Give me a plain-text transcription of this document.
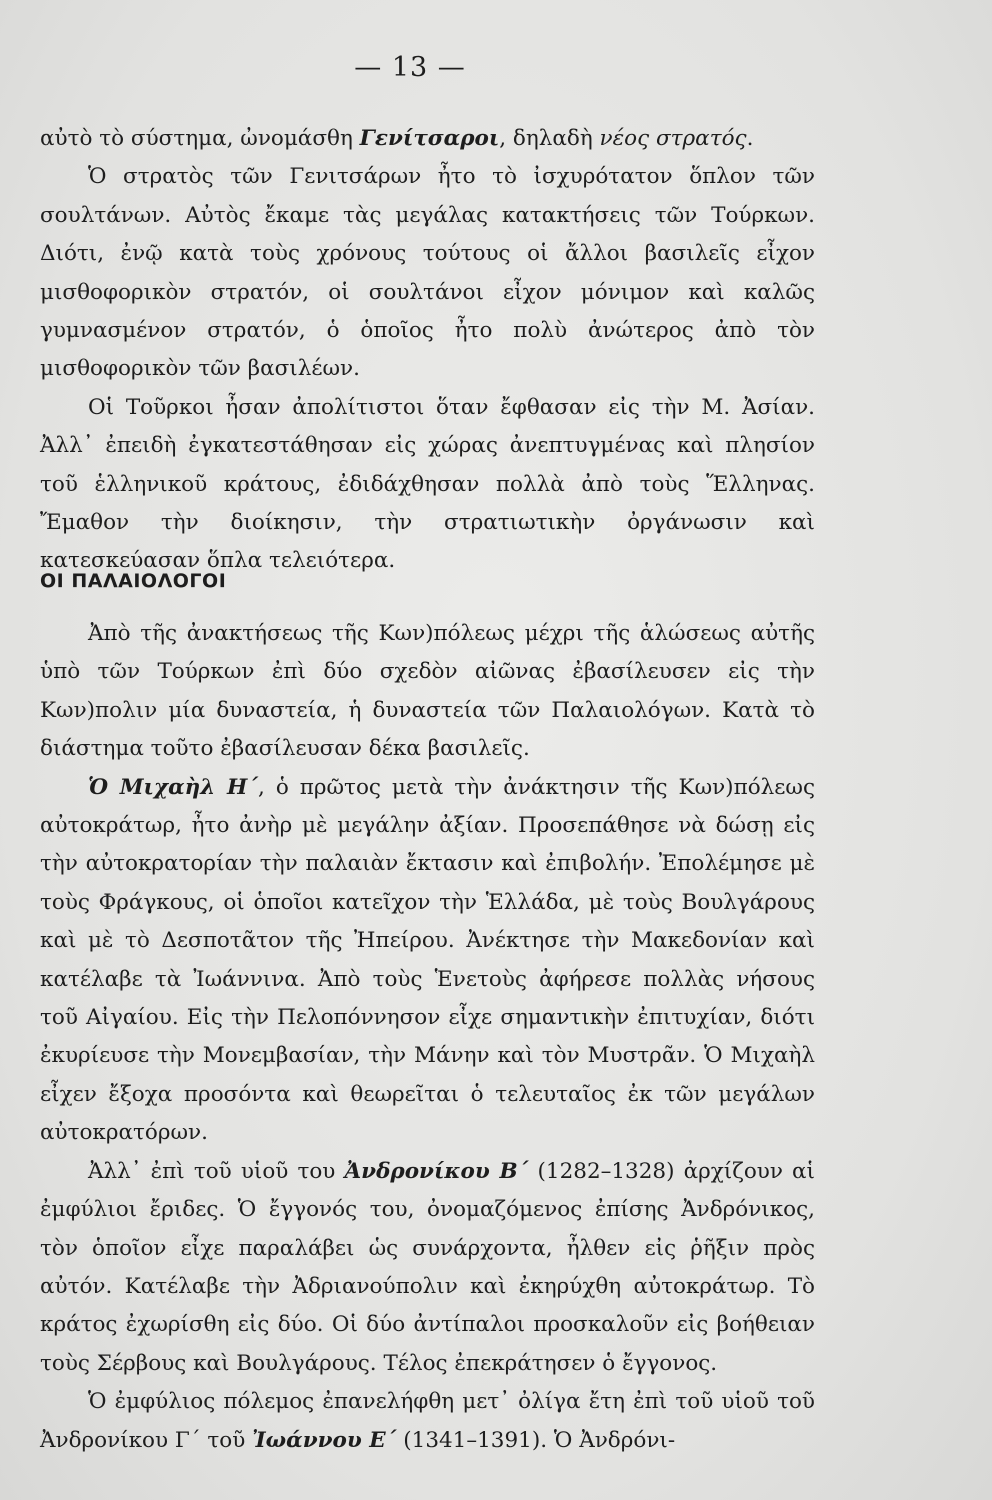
— 13 —

αὐτὸ τὸ σύστημα, ὠνομάσθη Γενίτσαροι, δηλαδὴ νέος στρατός.

Ὁ στρατὸς τῶν Γενιτσάρων ἦτο τὸ ἰσχυρότατον ὅπλον τῶν σουλτάνων. Αὐτὸς ἔκαμε τὰς μεγάλας κατακτήσεις τῶν Τούρκων. Διότι, ἐνῷ κατὰ τοὺς χρόνους τούτους οἱ ἄλλοι βασιλεῖς εἶχον μισθοφορικὸν στρατόν, οἱ σουλτάνοι εἶχον μόνιμον καὶ καλῶς γυμνασμένον στρατόν, ὁ ὁποῖος ἦτο πολὺ ἀνώτερος ἀπὸ τὸν μισθοφορικὸν τῶν βασιλέων.

Οἱ Τοῦρκοι ἦσαν ἀπολίτιστοι ὅταν ἔφθασαν εἰς τὴν Μ. Ἀσίαν. Ἀλλ᾿ ἐπειδὴ ἐγκατεστάθησαν εἰς χώρας ἀνεπτυγμένας καὶ πλησίον τοῦ ἑλληνικοῦ κράτους, ἐδιδάχθησαν πολλὰ ἀπὸ τοὺς Ἕλληνας. Ἔμαθον τὴν διοίκησιν, τὴν στρατιωτικὴν ὀργάνωσιν καὶ κατεσκεύασαν ὅπλα τελειότερα.

ΟΙ ΠΑΛΑΙΟΛΟΓΟΙ

Ἀπὸ τῆς ἀνακτήσεως τῆς Κων)πόλεως μέχρι τῆς ἁλώσεως αὐτῆς ὑπὸ τῶν Τούρκων ἐπὶ δύο σχεδὸν αἰῶνας ἐβασίλευσεν εἰς τὴν Κων)πολιν μία δυναστεία, ἡ δυναστεία τῶν Παλαιολόγων. Κατὰ τὸ διάστημα τοῦτο ἐβασίλευσαν δέκα βασιλεῖς.

Ὁ Μιχαὴλ Η΄, ὁ πρῶτος μετὰ τὴν ἀνάκτησιν τῆς Κων)πόλεως αὐτοκράτωρ, ἦτο ἀνὴρ μὲ μεγάλην ἀξίαν. Προσεπάθησε νὰ δώσῃ εἰς τὴν αὐτοκρατορίαν τὴν παλαιὰν ἔκτασιν καὶ ἐπιβολήν. Ἐπολέμησε μὲ τοὺς Φράγκους, οἱ ὁποῖοι κατεῖχον τὴν Ἑλλάδα, μὲ τοὺς Βουλγάρους καὶ μὲ τὸ Δεσποτᾶτον τῆς Ἠπείρου. Ἀνέκτησε τὴν Μακεδονίαν καὶ κατέλαβε τὰ Ἰωάννινα. Ἀπὸ τοὺς Ἑνετοὺς ἀφήρεσε πολλὰς νήσους τοῦ Αἰγαίου. Εἰς τὴν Πελοπόννησον εἶχε σημαντικὴν ἐπιτυχίαν, διότι ἐκυρίευσε τὴν Μονεμβασίαν, τὴν Μάνην καὶ τὸν Μυστρᾶν. Ὁ Μιχαὴλ εἶχεν ἔξοχα προσόντα καὶ θεωρεῖται ὁ τελευταῖος ἐκ τῶν μεγάλων αὐτοκρατόρων.

Ἀλλ᾿ ἐπὶ τοῦ υἱοῦ του Ἀνδρονίκου Β΄ (1282–1328) ἀρχίζουν αἱ ἐμφύλιοι ἔριδες. Ὁ ἔγγονός του, ὀνομαζόμενος ἐπίσης Ἀνδρόνικος, τὸν ὁποῖον εἶχε παραλάβει ὡς συνάρχοντα, ἦλθεν εἰς ῥῆξιν πρὸς αὐτόν. Κατέλαβε τὴν Ἀδριανούπολιν καὶ ἐκηρύχθη αὐτοκράτωρ. Τὸ κράτος ἐχωρίσθη εἰς δύο. Οἱ δύο ἀντίπαλοι προσκαλοῦν εἰς βοήθειαν τοὺς Σέρβους καὶ Βουλγάρους. Τέλος ἐπεκράτησεν ὁ ἔγγονος.

Ὁ ἐμφύλιος πόλεμος ἐπανελήφθη μετ᾿ ὀλίγα ἔτη ἐπὶ τοῦ υἱοῦ τοῦ Ἀνδρονίκου Γ΄ τοῦ Ἰωάννου Ε΄ (1341–1391). Ὁ Ἀνδρόνι-
